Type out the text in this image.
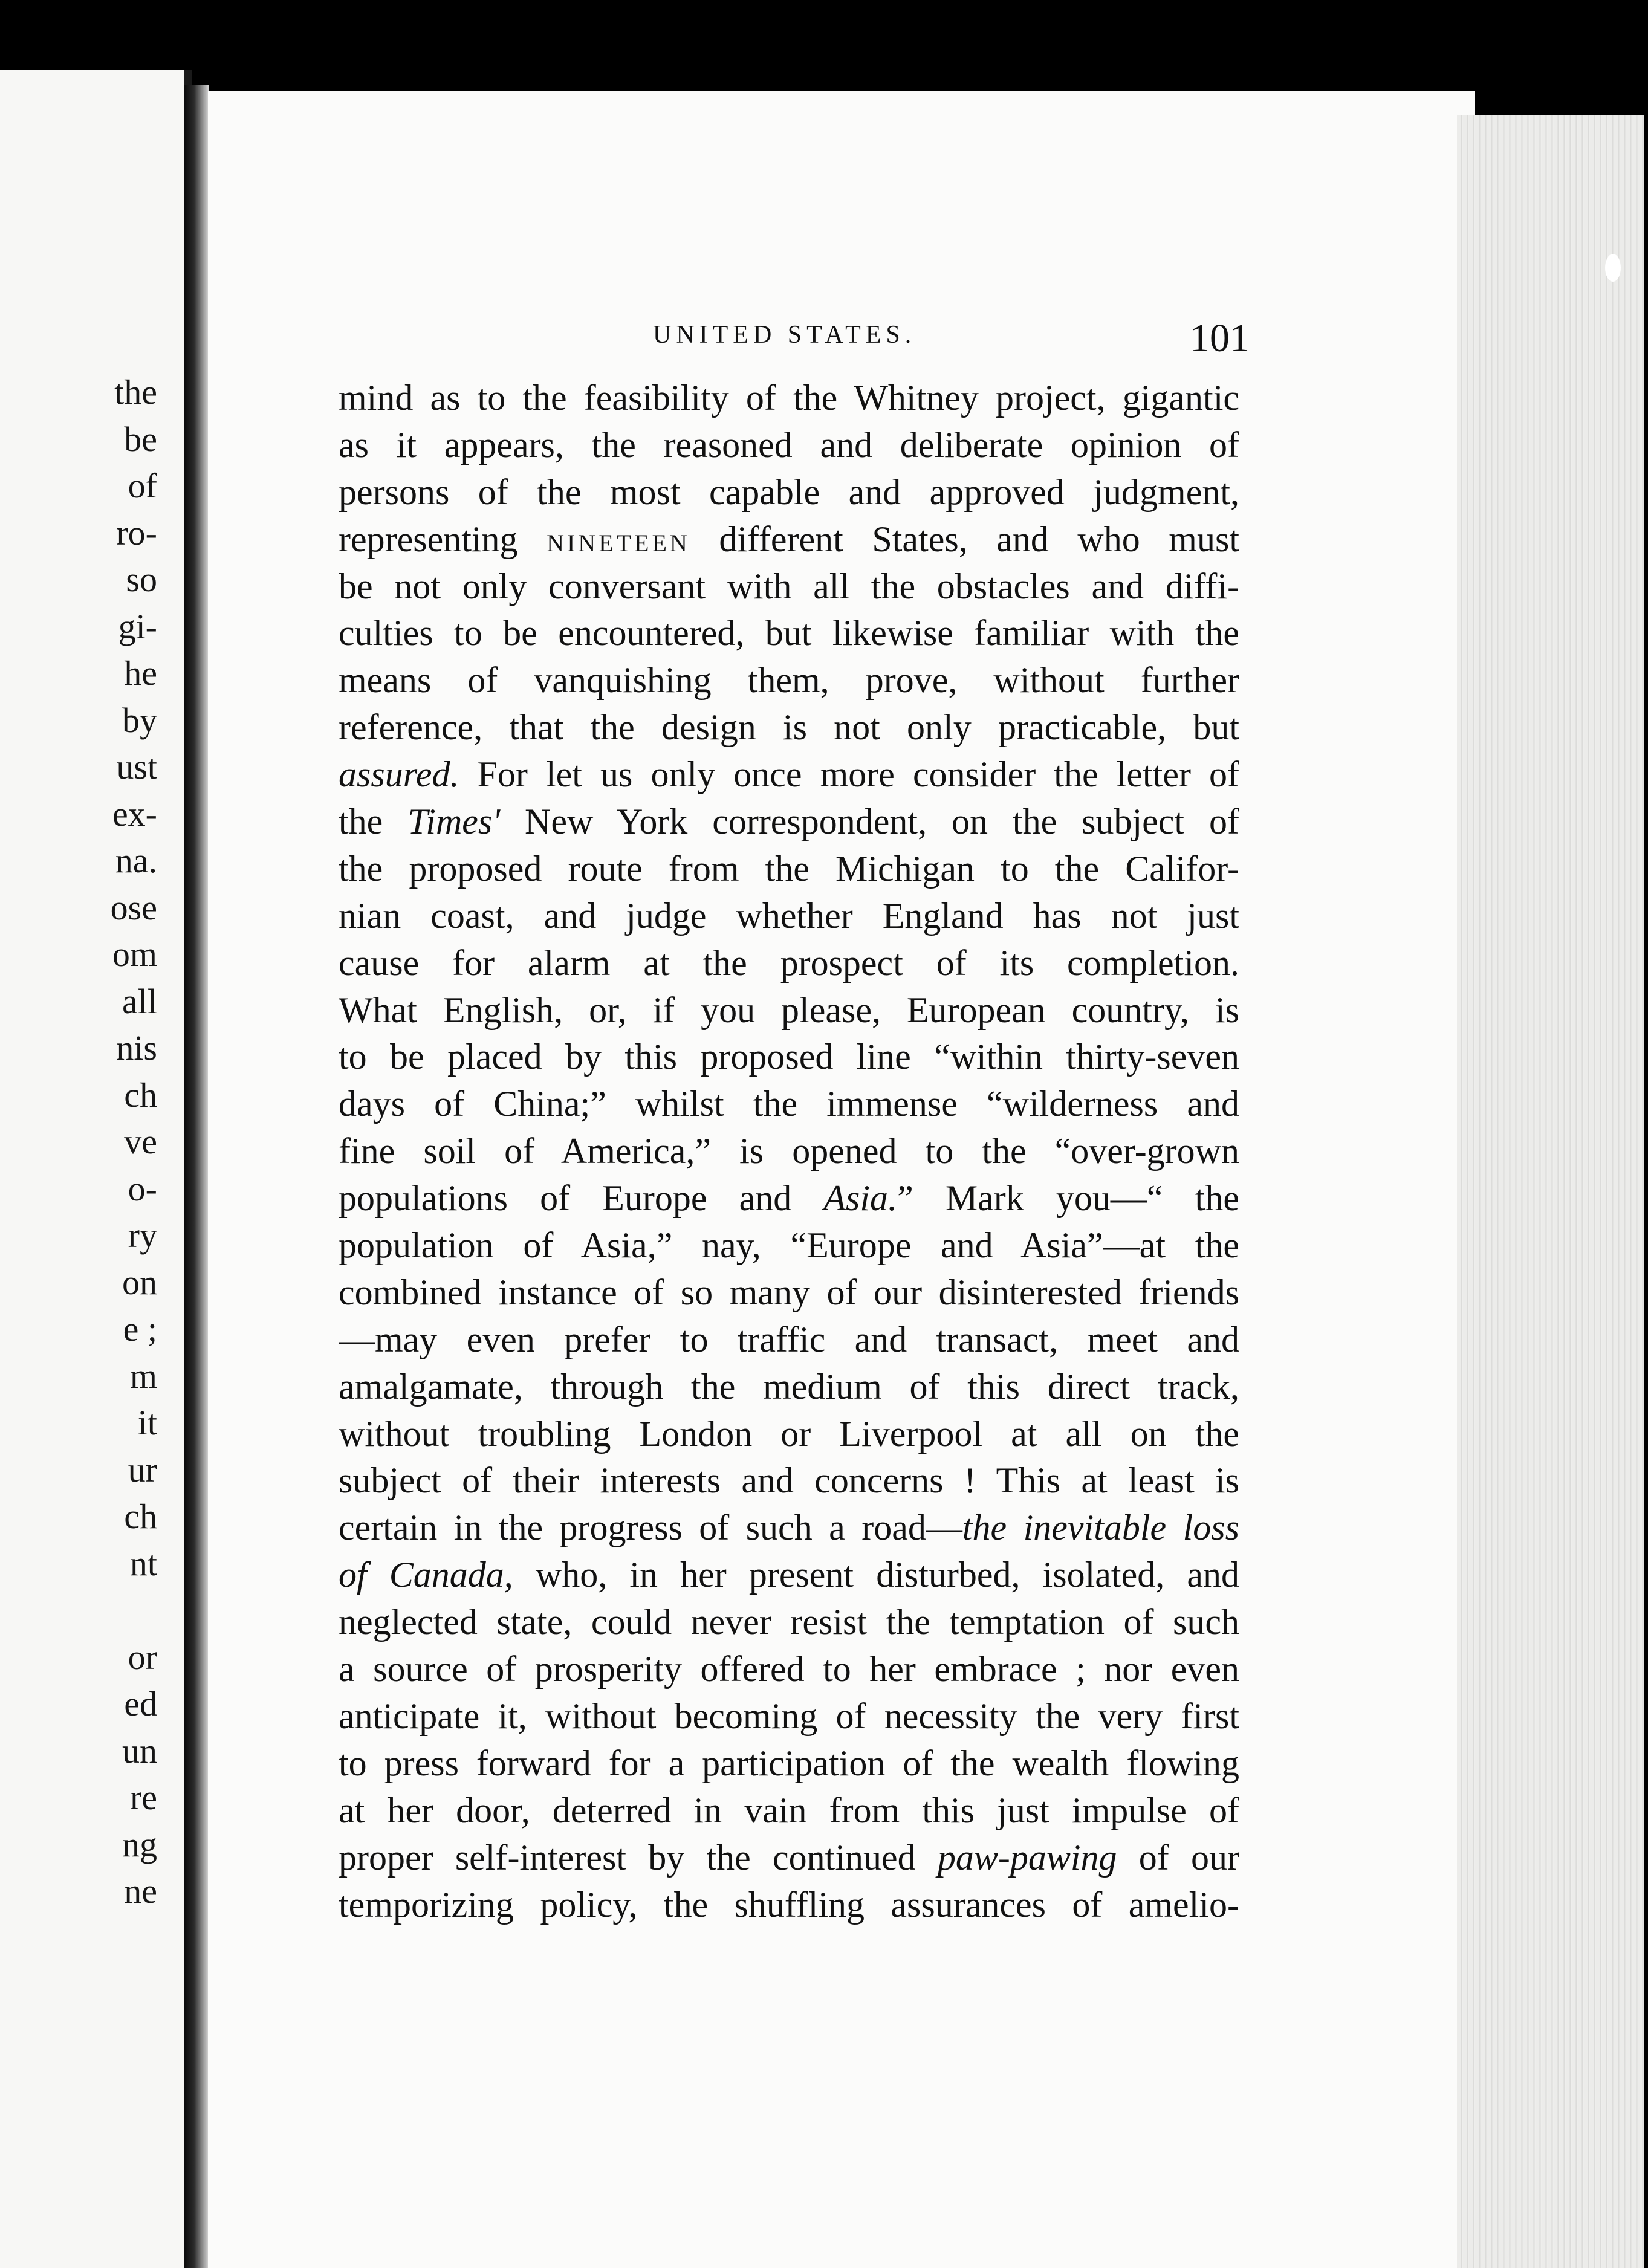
the
be
of
ro-
so
gi-
he
by
ust
ex-
na.
ose
om
all
nis
ch
ve
o-
ry
on
e ;
m
it
ur
ch
nt
or
ed
un
re
ng
ne
UNITED STATES.	101
mind as to the feasibility of the Whitney project, gigantic
as it appears, the reasoned and deliberate opinion of
persons of the most capable and approved judgment,
representing NINETEEN different States, and who must
be not only conversant with all the obstacles and diffi-
culties to be encountered, but likewise familiar with the
means of vanquishing them, prove, without further
reference, that the design is not only practicable, but
assured. For let us only once more consider the letter of
the Times' New York correspondent, on the subject of
the proposed route from the Michigan to the Califor-
nian coast, and judge whether England has not just
cause for alarm at the prospect of its completion.
What English, or, if you please, European country, is
to be placed by this proposed line “within thirty-seven
days of China;” whilst the immense “wilderness and
fine soil of America,” is opened to the “over-grown
populations of Europe and Asia.” Mark you—“ the
population of Asia,” nay, “Europe and Asia”—at the
combined instance of so many of our disinterested friends
—may even prefer to traffic and transact, meet and
amalgamate, through the medium of this direct track,
without troubling London or Liverpool at all on the
subject of their interests and concerns ! This at least is
certain in the progress of such a road—the inevitable loss
of Canada, who, in her present disturbed, isolated, and
neglected state, could never resist the temptation of such
a source of prosperity offered to her embrace ; nor even
anticipate it, without becoming of necessity the very first
to press forward for a participation of the wealth flowing
at her door, deterred in vain from this just impulse of
proper self-interest by the continued paw-pawing of our
temporizing policy, the shuffling assurances of amelio-
